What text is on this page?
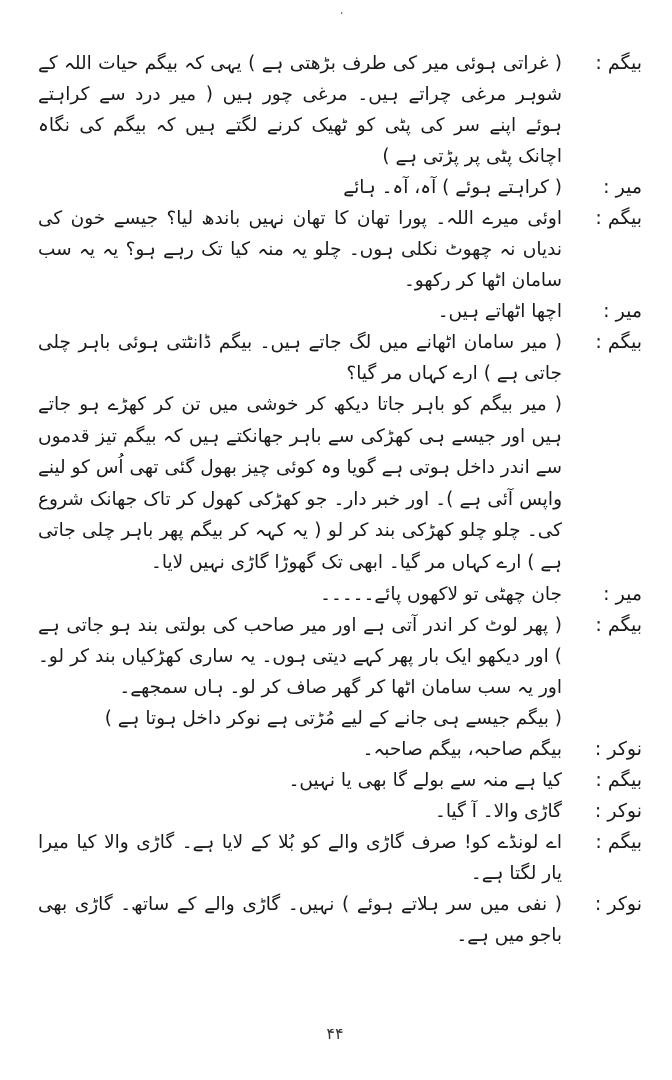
،
بیگم :
( غراتی ہوئی میر کی طرف بڑھتی ہے ) یہی کہ بیگم حیات اللہ کے شوہر مرغی چراتے ہیں۔ مرغی چور ہیں ( میر درد سے کراہتے ہوئے اپنے سر کی پٹی کو ٹھیک کرنے لگتے ہیں کہ بیگم کی نگاہ اچانک پٹی پر پڑتی ہے )
میر :
( کراہتے ہوئے ) آہ، آہ۔ ہائے
بیگم :
اوئی میرے اللہ۔ پورا تھان کا تھان نہیں باندھ لیا؟ جیسے خون کی ندیاں نہ چھوٹ نکلی ہوں۔ چلو یہ منہ کیا تک رہے ہو؟ یہ یہ سب سامان اٹھا کر رکھو۔
میر :
اچھا اٹھاتے ہیں۔
بیگم :
( میر سامان اٹھانے میں لگ جاتے ہیں۔ بیگم ڈانٹتی ہوئی باہر چلی جاتی ہے ) ارے کہاں مر گیا؟
( میر بیگم کو باہر جاتا دیکھ کر خوشی میں تن کر کھڑے ہو جاتے ہیں اور جیسے ہی کھڑکی سے باہر جھانکتے ہیں کہ بیگم تیز قدموں سے اندر داخل ہوتی ہے گویا وہ کوئی چیز بھول گئی تھی اُس کو لینے واپس آئی ہے )۔ اور خبر دار۔ جو کھڑکی کھول کر تاک جھانک شروع کی۔ چلو چلو کھڑکی بند کر لو ( یہ کہہ کر بیگم پھر باہر چلی جاتی ہے ) ارے کہاں مر گیا۔ ابھی تک گھوڑا گاڑی نہیں لایا۔
میر :
جان چھٹی تو لاکھوں پائے۔۔۔۔۔
بیگم :
( پھر لوٹ کر اندر آتی ہے اور میر صاحب کی بولتی بند ہو جاتی ہے ) اور دیکھو ایک بار پھر کہے دیتی ہوں۔ یہ ساری کھڑکیاں بند کر لو۔ اور یہ سب سامان اٹھا کر گھر صاف کر لو۔ ہاں سمجھے۔
( بیگم جیسے ہی جانے کے لیے مُڑتی ہے نوکر داخل ہوتا ہے )
نوکر :
بیگم صاحبہ، بیگم صاحبہ۔
بیگم :
کیا ہے منہ سے بولے گا بھی یا نہیں۔
نوکر :
گاڑی والا۔ آ گیا۔
بیگم :
اے لونڈے کو! صرف گاڑی والے کو بُلا کے لایا ہے۔ گاڑی والا کیا میرا یار لگتا ہے۔
نوکر :
( نفی میں سر ہلاتے ہوئے ) نہیں۔ گاڑی والے کے ساتھ۔ گاڑی بھی باجو میں ہے۔
۴۴
